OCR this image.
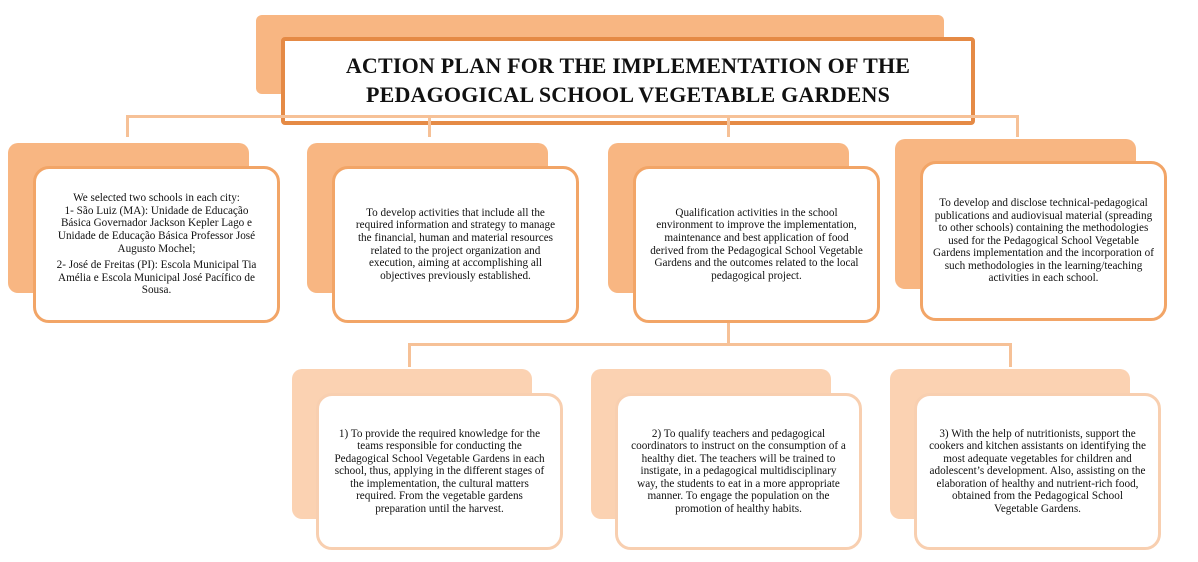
ACTION PLAN FOR THE IMPLEMENTATION OF THE PEDAGOGICAL SCHOOL VEGETABLE GARDENS

We selected two schools in each city:

1- São Luiz (MA): Unidade de Educação Básica Governador Jackson Kepler Lago e Unidade de Educação Básica Professor José Augusto Mochel;

2- José de Freitas (PI): Escola Municipal Tia Amélia e Escola Municipal José Pacífico de Sousa.

To develop activities that include all the required information and strategy to manage the financial, human and material resources related to the project organization and execution, aiming at accomplishing all objectives previously established.

Qualification activities in the school environment to improve the implementation, maintenance and best application of food derived from the Pedagogical School Vegetable Gardens and the outcomes related to the local pedagogical project.

To develop and disclose technical-pedagogical publications and audiovisual material (spreading to other schools) containing the methodologies used for the Pedagogical School Vegetable Gardens implementation and the incorporation of such methodologies in the learning/teaching activities in each school.

1) To provide the required knowledge for the teams responsible for conducting the Pedagogical School Vegetable Gardens in each school, thus, applying in the different stages of the implementation, the cultural matters required. From the vegetable gardens preparation until the harvest.

2) To qualify teachers and pedagogical coordinators to instruct on the consumption of a healthy diet. The teachers will be trained to instigate, in a pedagogical multidisciplinary way, the students to eat in a more appropriate manner. To engage the population on the promotion of healthy habits.

3) With the help of nutritionists, support the cookers and kitchen assistants on identifying the most adequate vegetables for children and adolescent’s development. Also, assisting on the elaboration of healthy and nutrient-rich food, obtained from the Pedagogical School Vegetable Gardens.
